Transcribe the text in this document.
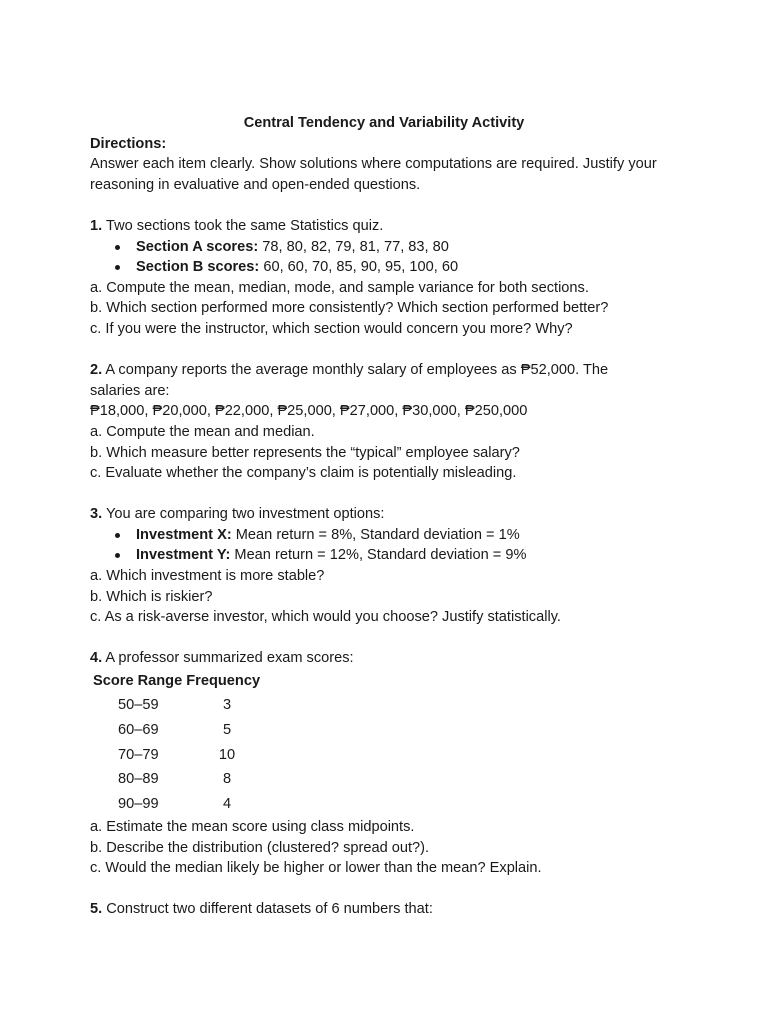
Central Tendency and Variability Activity
Directions:
Answer each item clearly. Show solutions where computations are required. Justify your
reasoning in evaluative and open-ended questions.
1. Two sections took the same Statistics quiz.
Section A scores: 78, 80, 82, 79, 81, 77, 83, 80
Section B scores: 60, 60, 70, 85, 90, 95, 100, 60
a. Compute the mean, median, mode, and sample variance for both sections.
b. Which section performed more consistently? Which section performed better?
c. If you were the instructor, which section would concern you more? Why?
2. A company reports the average monthly salary of employees as ₱52,000. The
salaries are:
₱18,000, ₱20,000, ₱22,000, ₱25,000, ₱27,000, ₱30,000, ₱250,000
a. Compute the mean and median.
b. Which measure better represents the “typical” employee salary?
c. Evaluate whether the company’s claim is potentially misleading.
3. You are comparing two investment options:
Investment X: Mean return = 8%, Standard deviation = 1%
Investment Y: Mean return = 12%, Standard deviation = 9%
a. Which investment is more stable?
b. Which is riskier?
c. As a risk-averse investor, which would you choose? Justify statistically.
4. A professor summarized exam scores:
Score Range Frequency
50–59	3
60–69	5
70–79	10
80–89	8
90–99	4
a. Estimate the mean score using class midpoints.
b. Describe the distribution (clustered? spread out?).
c. Would the median likely be higher or lower than the mean? Explain.
5. Construct two different datasets of 6 numbers that:
